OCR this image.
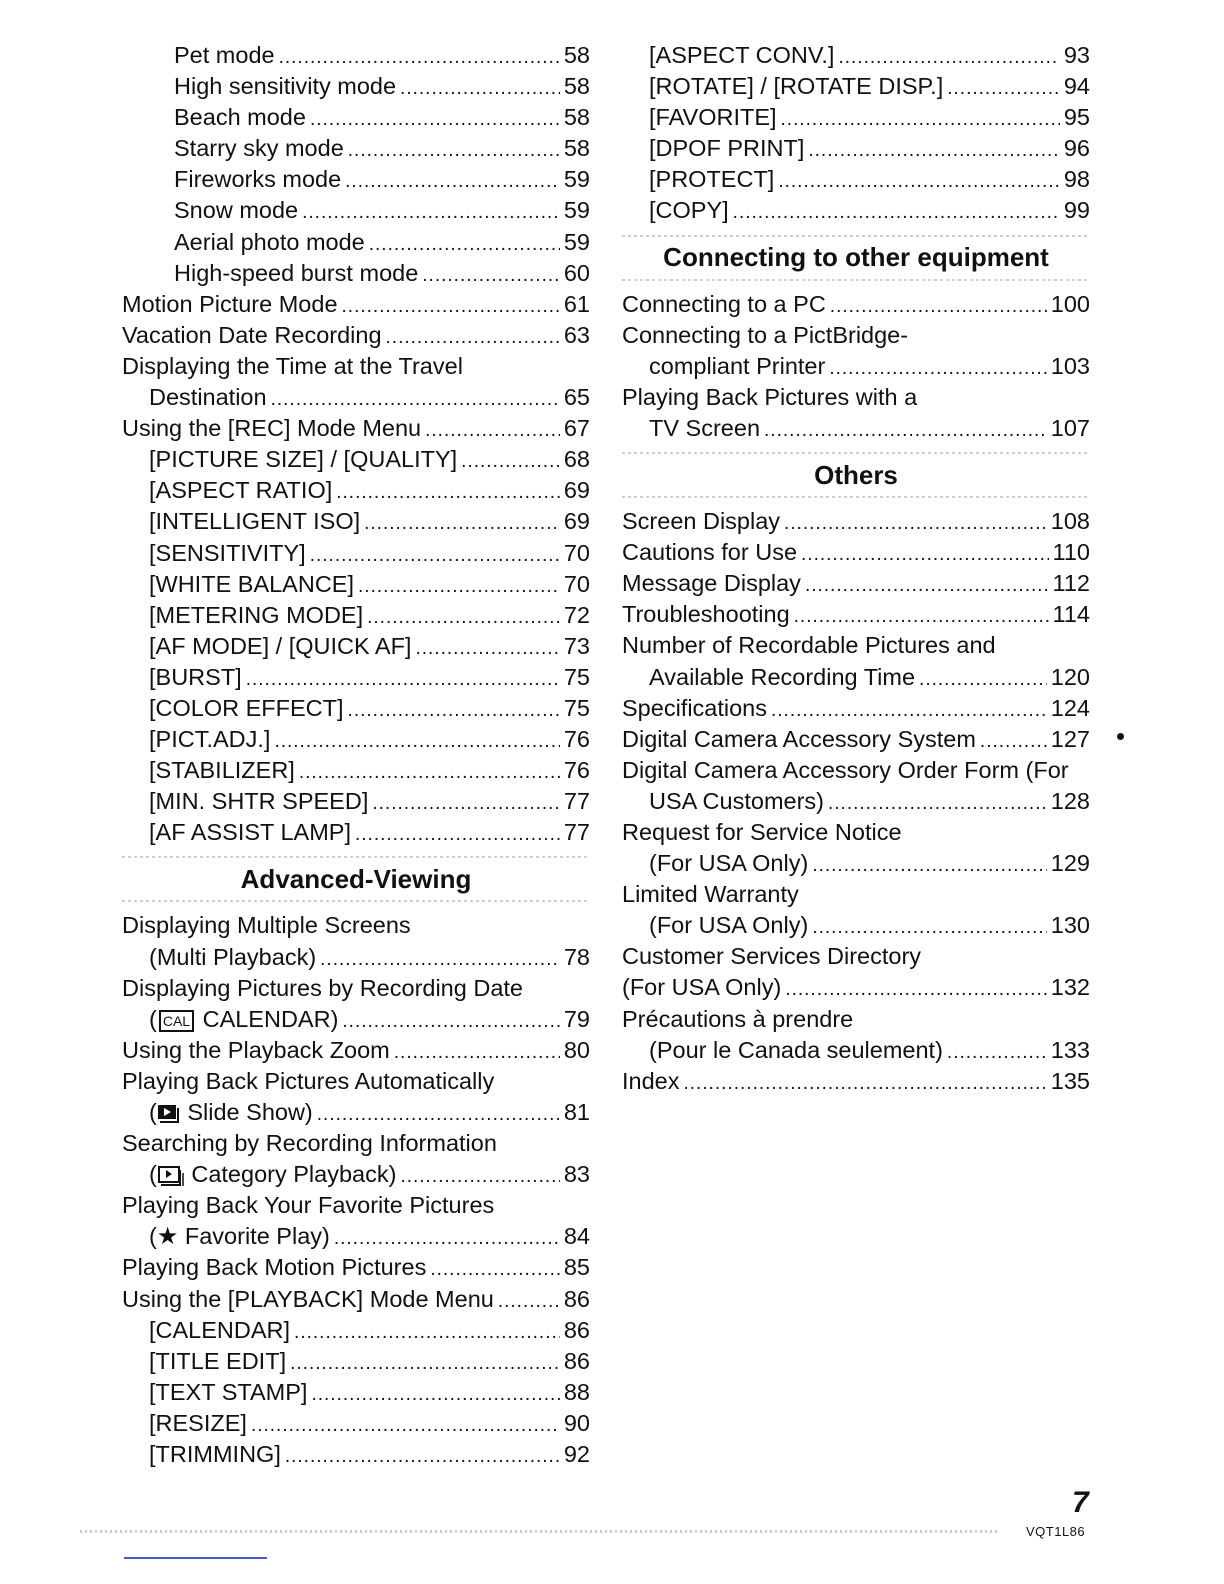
Pet mode .....	58
High sensitivity mode .....	58
Beach mode .....	58
Starry sky mode .....	58
Fireworks mode .....	59
Snow mode .....	59
Aerial photo mode .....	59
High-speed burst mode .....	60
Motion Picture Mode .....	61
Vacation Date Recording .....	63
Displaying the Time at the Travel
Destination .....	65
Using the [REC] Mode Menu .....	67
[PICTURE SIZE] / [QUALITY] .....	68
[ASPECT RATIO] .....	69
[INTELLIGENT ISO] .....	69
[SENSITIVITY] .....	70
[WHITE BALANCE] .....	70
[METERING MODE] .....	72
[AF MODE] / [QUICK AF] .....	73
[BURST] .....	75
[COLOR EFFECT] .....	75
[PICT.ADJ.] .....	76
[STABILIZER] .....	76
[MIN. SHTR SPEED] .....	77
[AF ASSIST LAMP] .....	77
Advanced-Viewing
Displaying Multiple Screens
(Multi Playback) .....	78
Displaying Pictures by Recording Date
( CAL CALENDAR) .....	79
Using the Playback Zoom .....	80
Playing Back Pictures Automatically
( Slide Show) .....	81
Searching by Recording Information
( Category Playback) .....	83
Playing Back Your Favorite Pictures
(★ Favorite Play) .....	84
Playing Back Motion Pictures .....	85
Using the [PLAYBACK] Mode Menu .....	86
[CALENDAR] .....	86
[TITLE EDIT] .....	86
[TEXT STAMP] .....	88
[RESIZE] .....	90
[TRIMMING] .....	92
[ASPECT CONV.] .....	93
[ROTATE] / [ROTATE DISP.] .....	94
[FAVORITE] .....	95
[DPOF PRINT] .....	96
[PROTECT] .....	98
[COPY] .....	99
Connecting to other equipment
Connecting to a PC .....	100
Connecting to a PictBridge-
compliant Printer .....	103
Playing Back Pictures with a
TV Screen .....	107
Others
Screen Display .....	108
Cautions for Use .....	110
Message Display .....	112
Troubleshooting .....	114
Number of Recordable Pictures and
Available Recording Time .....	120
Specifications .....	124
Digital Camera Accessory System .....	127
Digital Camera Accessory Order Form (For
USA Customers) .....	128
Request for Service Notice
(For USA Only) .....	129
Limited Warranty
(For USA Only) .....	130
Customer Services Directory
(For USA Only) .....	132
Précautions à prendre
(Pour le Canada seulement) .....	133
Index .....	135
7
VQT1L86
